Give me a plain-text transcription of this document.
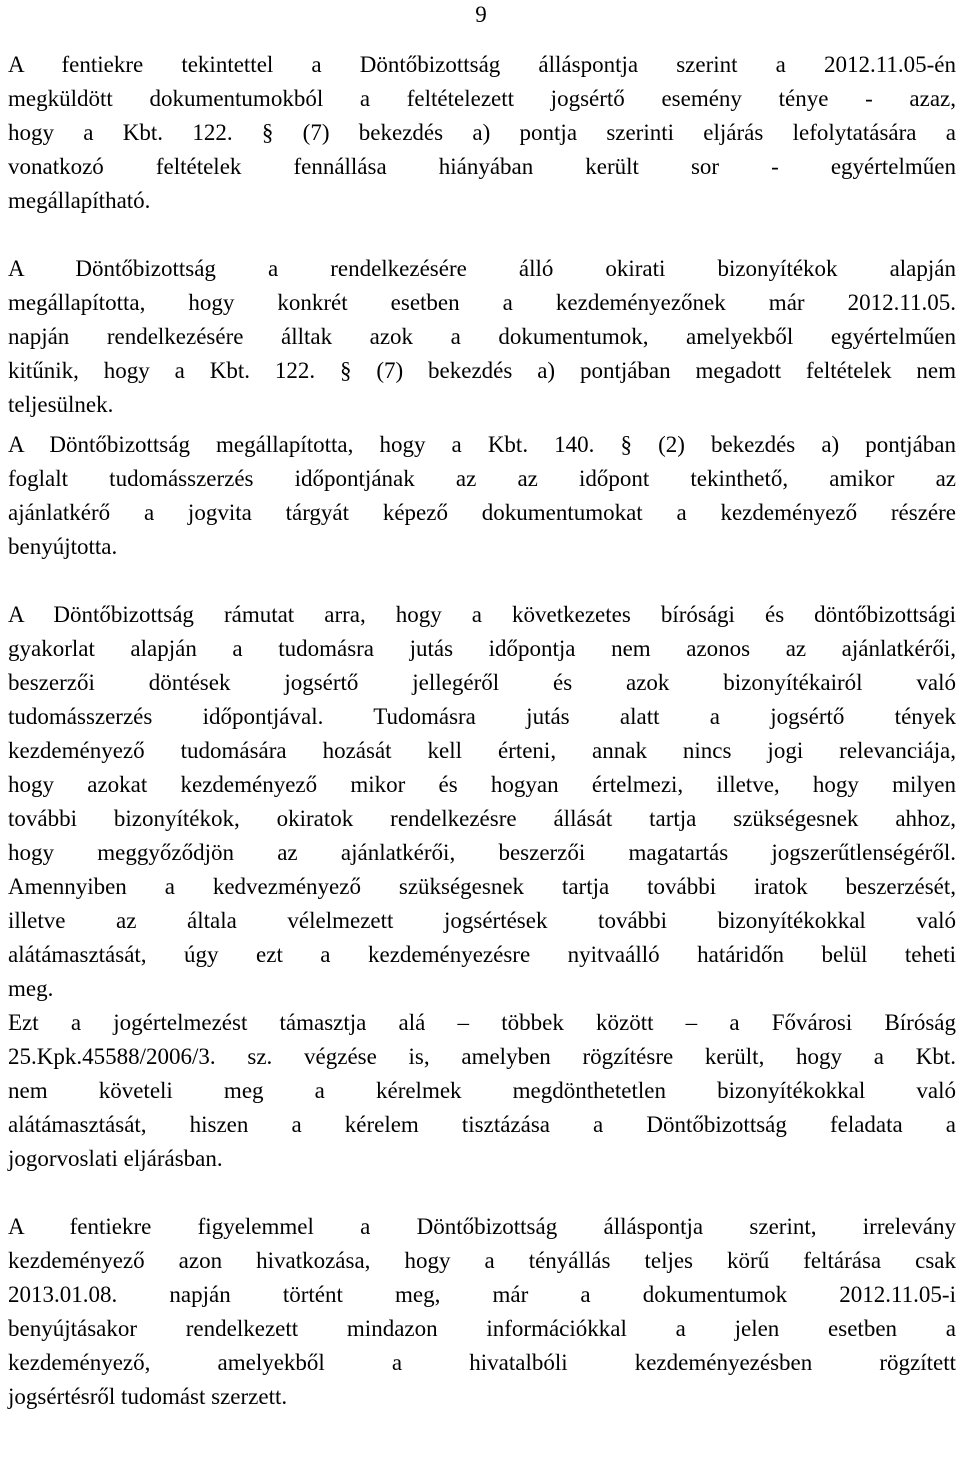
9
A fentiekre tekintettel a Döntőbizottság álláspontja szerint a 2012.11.05-én
megküldött dokumentumokból a feltételezett jogsértő esemény ténye - azaz,
hogy a Kbt. 122. § (7) bekezdés a) pontja szerinti eljárás lefolytatására a
vonatkozó feltételek fennállása hiányában került sor - egyértelműen
megállapítható.
A Döntőbizottság a rendelkezésére álló okirati bizonyítékok alapján
megállapította, hogy konkrét esetben a kezdeményezőnek már 2012.11.05.
napján rendelkezésére álltak azok a dokumentumok, amelyekből egyértelműen
kitűnik, hogy a Kbt. 122. § (7) bekezdés a) pontjában megadott feltételek nem
teljesülnek.
A Döntőbizottság megállapította, hogy a Kbt. 140. § (2) bekezdés a) pontjában
foglalt tudomásszerzés időpontjának az az időpont tekinthető, amikor az
ajánlatkérő a jogvita tárgyát képező dokumentumokat a kezdeményező részére
benyújtotta.
A Döntőbizottság rámutat arra, hogy a következetes bírósági és döntőbizottsági
gyakorlat alapján a tudomásra jutás időpontja nem azonos az ajánlatkérői,
beszerzői döntések jogsértő jellegéről és azok bizonyítékairól való
tudomásszerzés időpontjával. Tudomásra jutás alatt a jogsértő tények
kezdeményező tudomására hozását kell érteni, annak nincs jogi relevanciája,
hogy azokat kezdeményező mikor és hogyan értelmezi, illetve, hogy milyen
további bizonyítékok, okiratok rendelkezésre állását tartja szükségesnek ahhoz,
hogy meggyőződjön az ajánlatkérői, beszerzői magatartás jogszerűtlenségéről.
Amennyiben a kedvezményező szükségesnek tartja további iratok beszerzését,
illetve az általa vélelmezett jogsértések további bizonyítékokkal való
alátámasztását, úgy ezt a kezdeményezésre nyitvaálló határidőn belül teheti
meg.
Ezt a jogértelmezést támasztja alá – többek között – a Fővárosi Bíróság
25.Kpk.45588/2006/3. sz. végzése is, amelyben rögzítésre került, hogy a Kbt.
nem követeli meg a kérelmek megdönthetetlen bizonyítékokkal való
alátámasztását, hiszen a kérelem tisztázása a Döntőbizottság feladata a
jogorvoslati eljárásban.
A fentiekre figyelemmel a Döntőbizottság álláspontja szerint, irrelevány
kezdeményező azon hivatkozása, hogy a tényállás teljes körű feltárása csak
2013.01.08. napján történt meg, már a dokumentumok 2012.11.05-i
benyújtásakor rendelkezett mindazon információkkal a jelen esetben a
kezdeményező, amelyekből a hivatalbóli kezdeményezésben rögzített
jogsértésről tudomást szerzett.
